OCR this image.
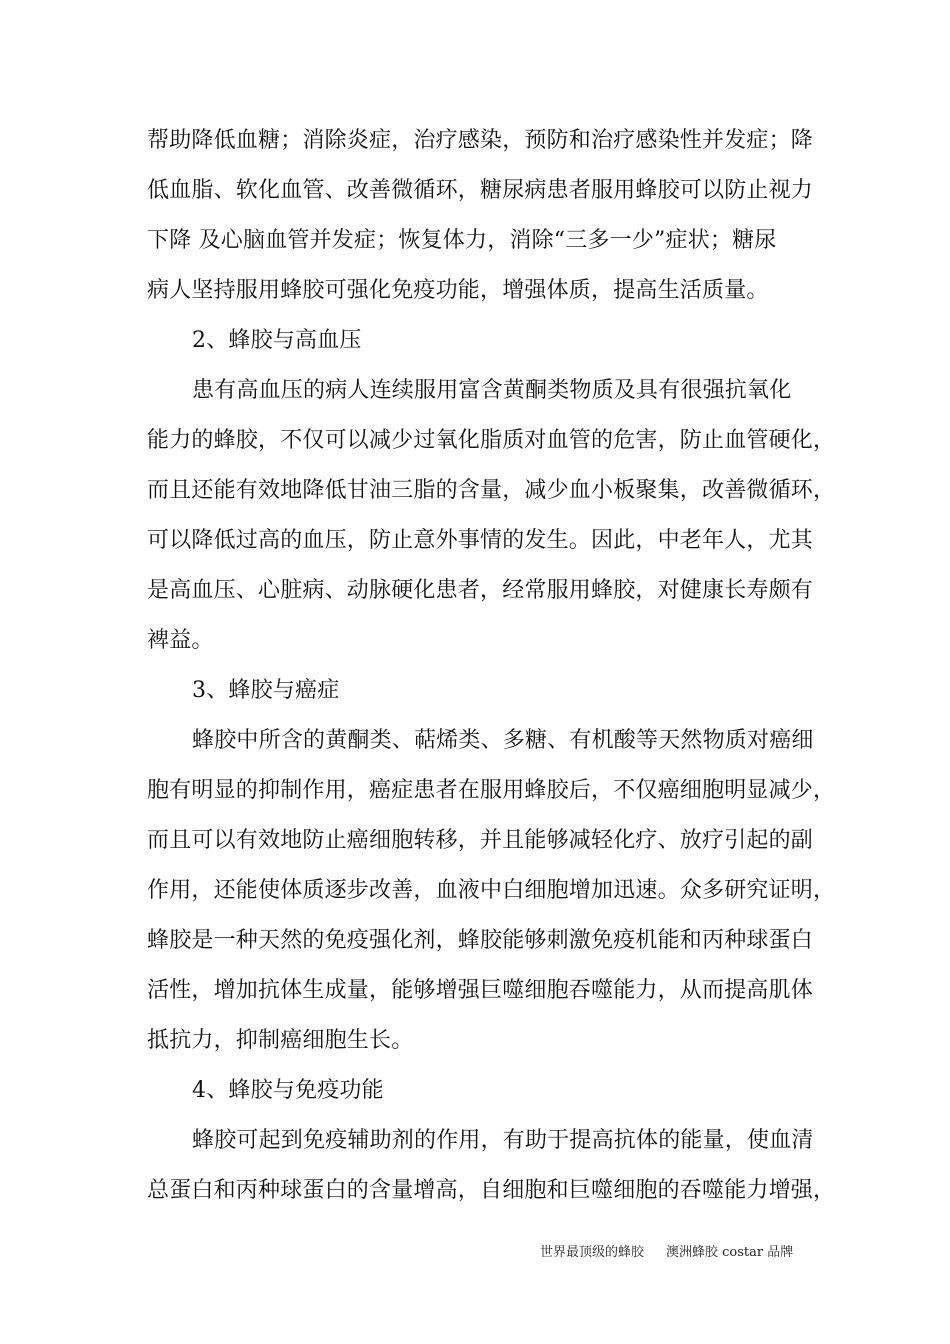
帮助降低血糖；消除炎症，治疗感染，预防和治疗感染性并发症；降
低血脂、软化血管、改善微循环，糖尿病患者服用蜂胶可以防止视力
下降 及心脑血管并发症；恢复体力，消除“三多一少”症状；糖尿
病人坚持服用蜂胶可强化免疫功能，增强体质，提高生活质量。
2、蜂胶与高血压
患有高血压的病人连续服用富含黄酮类物质及具有很强抗氧化
能力的蜂胶，不仅可以减少过氧化脂质对血管的危害，防止血管硬化，
而且还能有效地降低甘油三脂的含量，减少血小板聚集，改善微循环，
可以降低过高的血压，防止意外事情的发生。因此，中老年人，尤其
是高血压、心脏病、动脉硬化患者，经常服用蜂胶，对健康长寿颇有
裨益。
3、蜂胶与癌症
蜂胶中所含的黄酮类、萜烯类、多糖、有机酸等天然物质对癌细
胞有明显的抑制作用，癌症患者在服用蜂胶后，不仅癌细胞明显减少，
而且可以有效地防止癌细胞转移，并且能够减轻化疗、放疗引起的副
作用，还能使体质逐步改善，血液中白细胞增加迅速。众多研究证明，
蜂胶是一种天然的免疫强化剂，蜂胶能够刺激免疫机能和丙种球蛋白
活性，增加抗体生成量，能够增强巨噬细胞吞噬能力，从而提高肌体
抵抗力，抑制癌细胞生长。
4、蜂胶与免疫功能
蜂胶可起到免疫辅助剂的作用，有助于提高抗体的能量，使血清
总蛋白和丙种球蛋白的含量增高，自细胞和巨噬细胞的吞噬能力增强，
世界最顶级的蜂胶 澳洲蜂胶 costar 品牌
